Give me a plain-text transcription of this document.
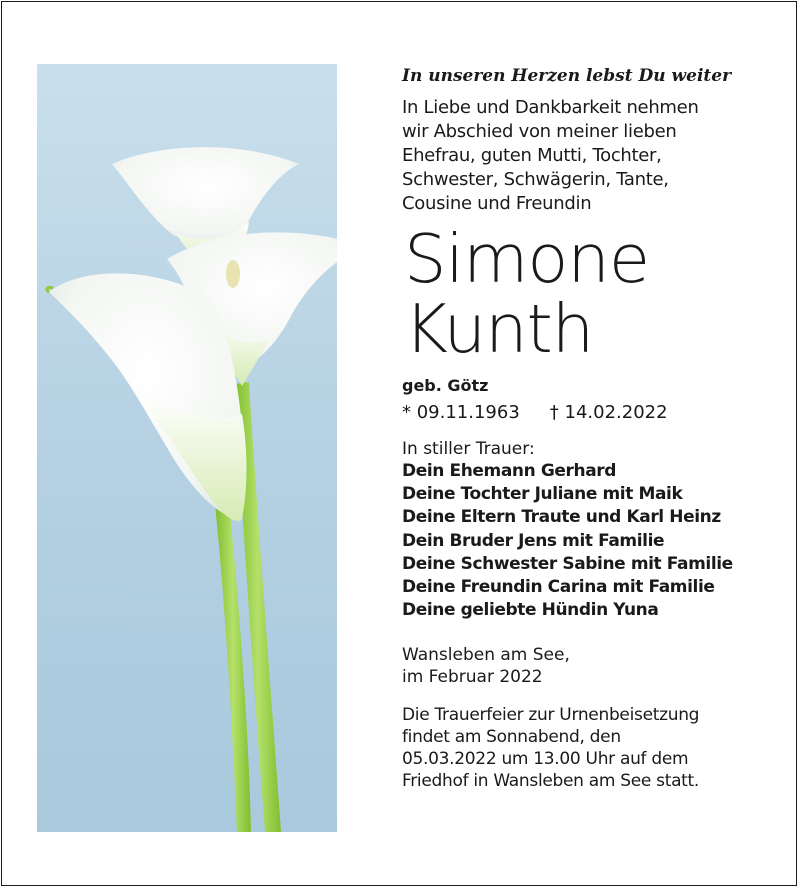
In unseren Herzen lebst Du weiter

In Liebe und Dankbarkeit nehmen
wir Abschied von meiner lieben
Ehefrau, guten Mutti, Tochter,
Schwester, Schwägerin, Tante,
Cousine und Freundin

Simone
Kunth

geb. Götz

* 09.11.1963 † 14.02.2022

In stiller Trauer:

Dein Ehemann Gerhard
Deine Tochter Juliane mit Maik
Deine Eltern Traute und Karl Heinz
Dein Bruder Jens mit Familie
Deine Schwester Sabine mit Familie
Deine Freundin Carina mit Familie
Deine geliebte Hündin Yuna

Wansleben am See,
im Februar 2022

Die Trauerfeier zur Urnenbeisetzung
findet am Sonnabend, den
05.03.2022 um 13.00 Uhr auf dem
Friedhof in Wansleben am See statt.
